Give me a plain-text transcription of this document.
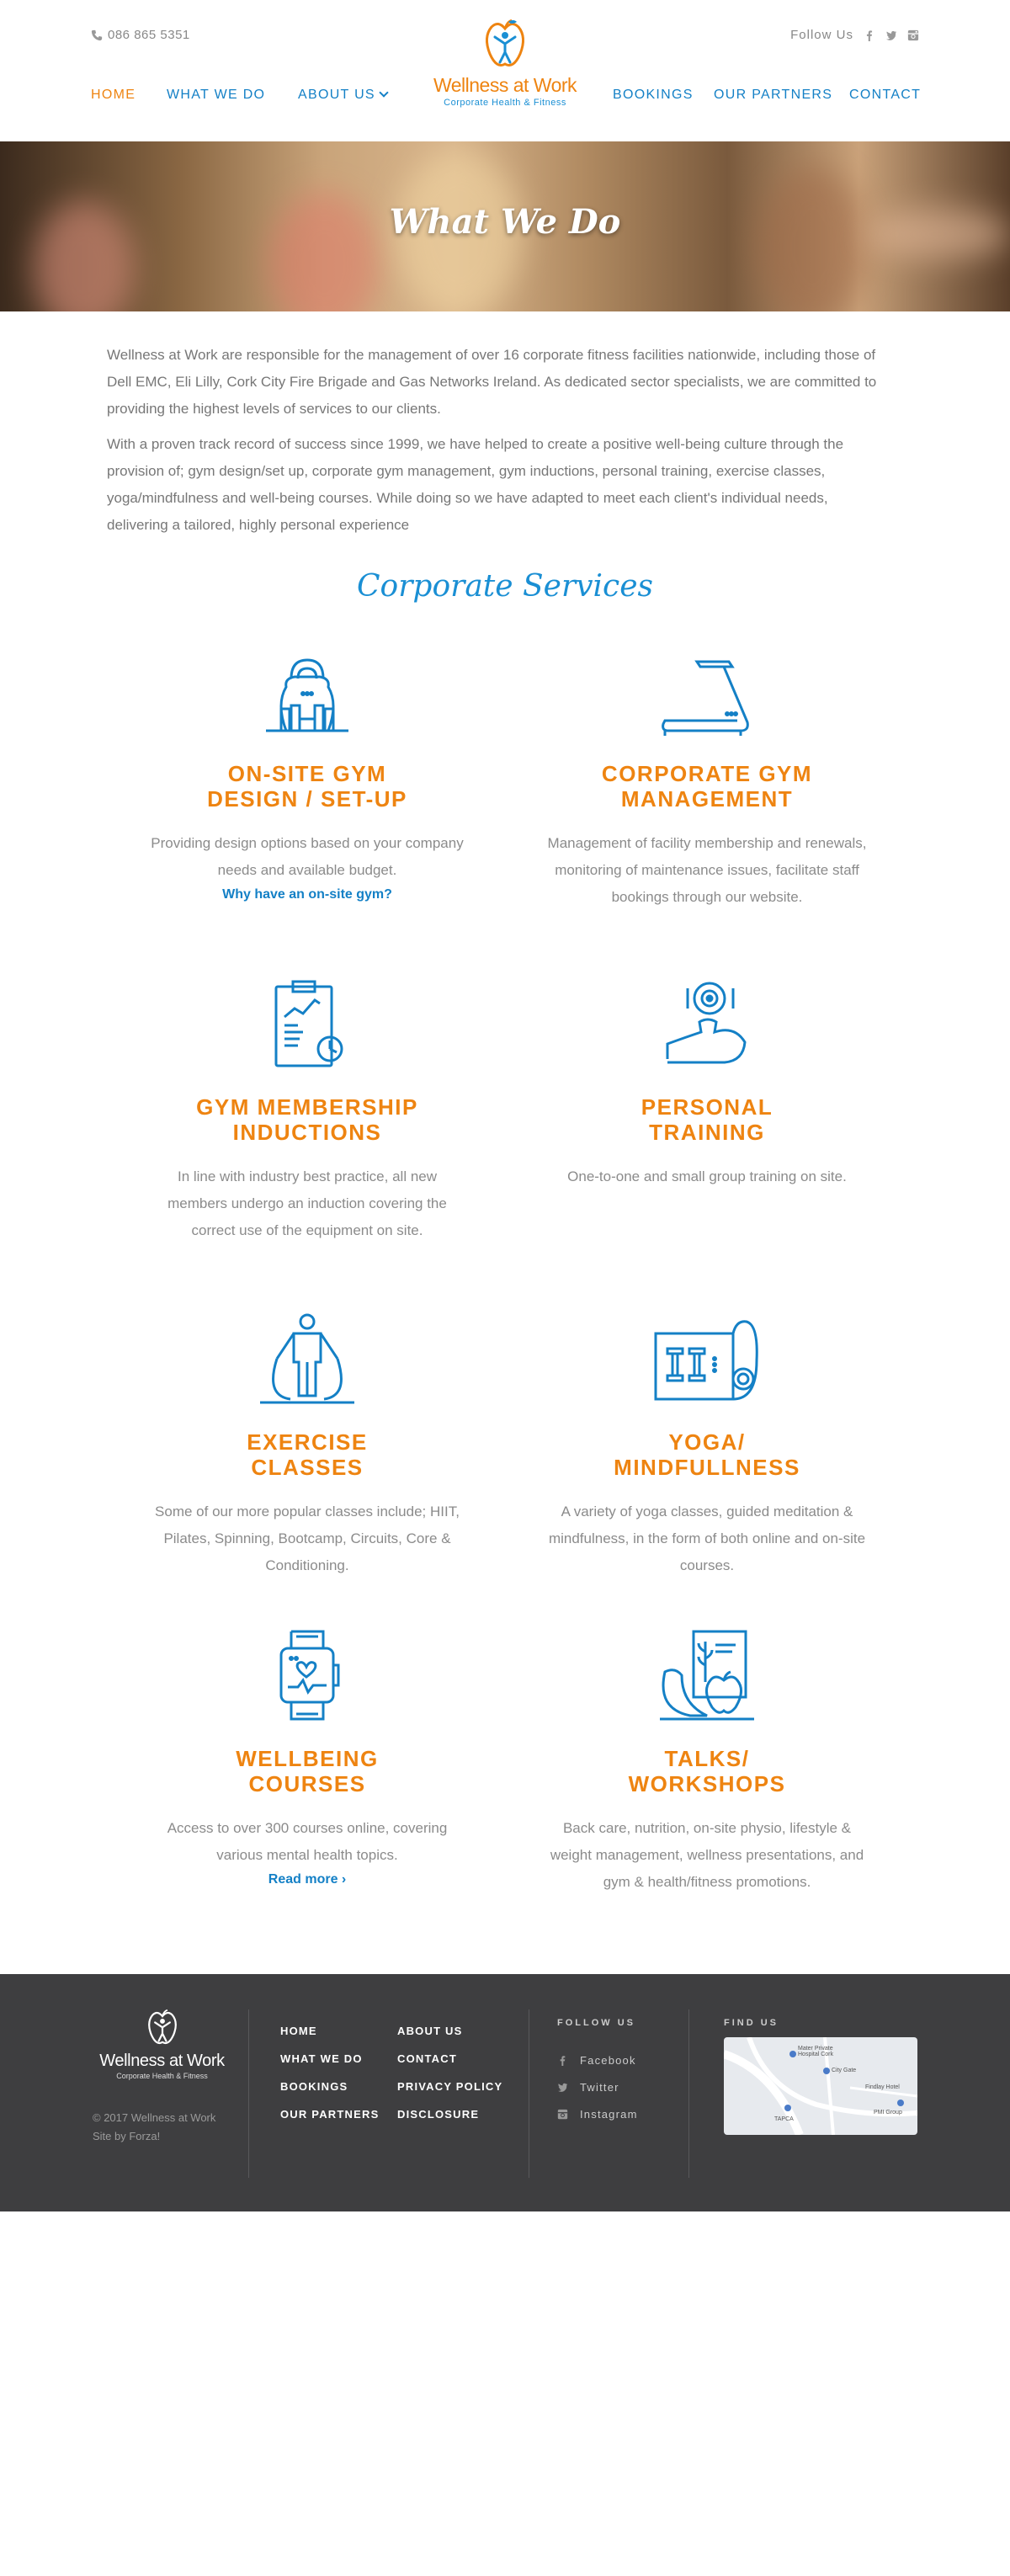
086 865 5351	Follow Us
Wellness at Work
Corporate Health & Fitness
HOME WHAT WE DO ABOUT US	BOOKINGS OUR PARTNERS CONTACT
What We Do

Wellness at Work are responsible for the management of over 16 corporate fitness facilities nationwide, including those of Dell EMC, Eli Lilly, Cork City Fire Brigade and Gas Networks Ireland. As dedicated sector specialists, we are committed to providing the highest levels of services to our clients.

With a proven track record of success since 1999, we have helped to create a positive well-being culture through the provision of; gym design/set up, corporate gym management, gym inductions, personal training, exercise classes, yoga/mindfulness and well-being courses. While doing so we have adapted to meet each client's individual needs, delivering a tailored, highly personal experience

Corporate Services
ON-SITE GYM
DESIGN / SET-UP

Providing design options based on your company needs and available budget.

Why have an on-site gym?
CORPORATE GYM
MANAGEMENT

Management of facility membership and renewals, monitoring of maintenance issues, facilitate staff bookings through our website.

GYM MEMBERSHIP
INDUCTIONS

In line with industry best practice, all new members undergo an induction covering the correct use of the equipment on site.

PERSONAL
TRAINING

One-to-one and small group training on site.

EXERCISE
CLASSES

Some of our more popular classes include; HIIT, Pilates, Spinning, Bootcamp, Circuits, Core & Conditioning.

YOGA/
MINDFULLNESS

A variety of yoga classes, guided meditation & mindfulness, in the form of both online and on-site courses.

WELLBEING
COURSES

Access to over 300 courses online, covering various mental health topics.

Read more ›
TALKS/
WORKSHOPS

Back care, nutrition, on-site physio, lifestyle & weight management, wellness presentations, and gym & health/fitness promotions.

Wellness at Work
Corporate Health & Fitness
© 2017 Wellness at Work
Site by Forza!
HOME
WHAT WE DO
BOOKINGS
OUR PARTNERS
ABOUT US
CONTACT
PRIVACY POLICY
DISCLOSURE
FOLLOW US
Facebook
Twitter
Instagram
FIND US
Mater Private Hospital Cork
City Gate
TAPCA
Findlay Hotel
PMI Group
